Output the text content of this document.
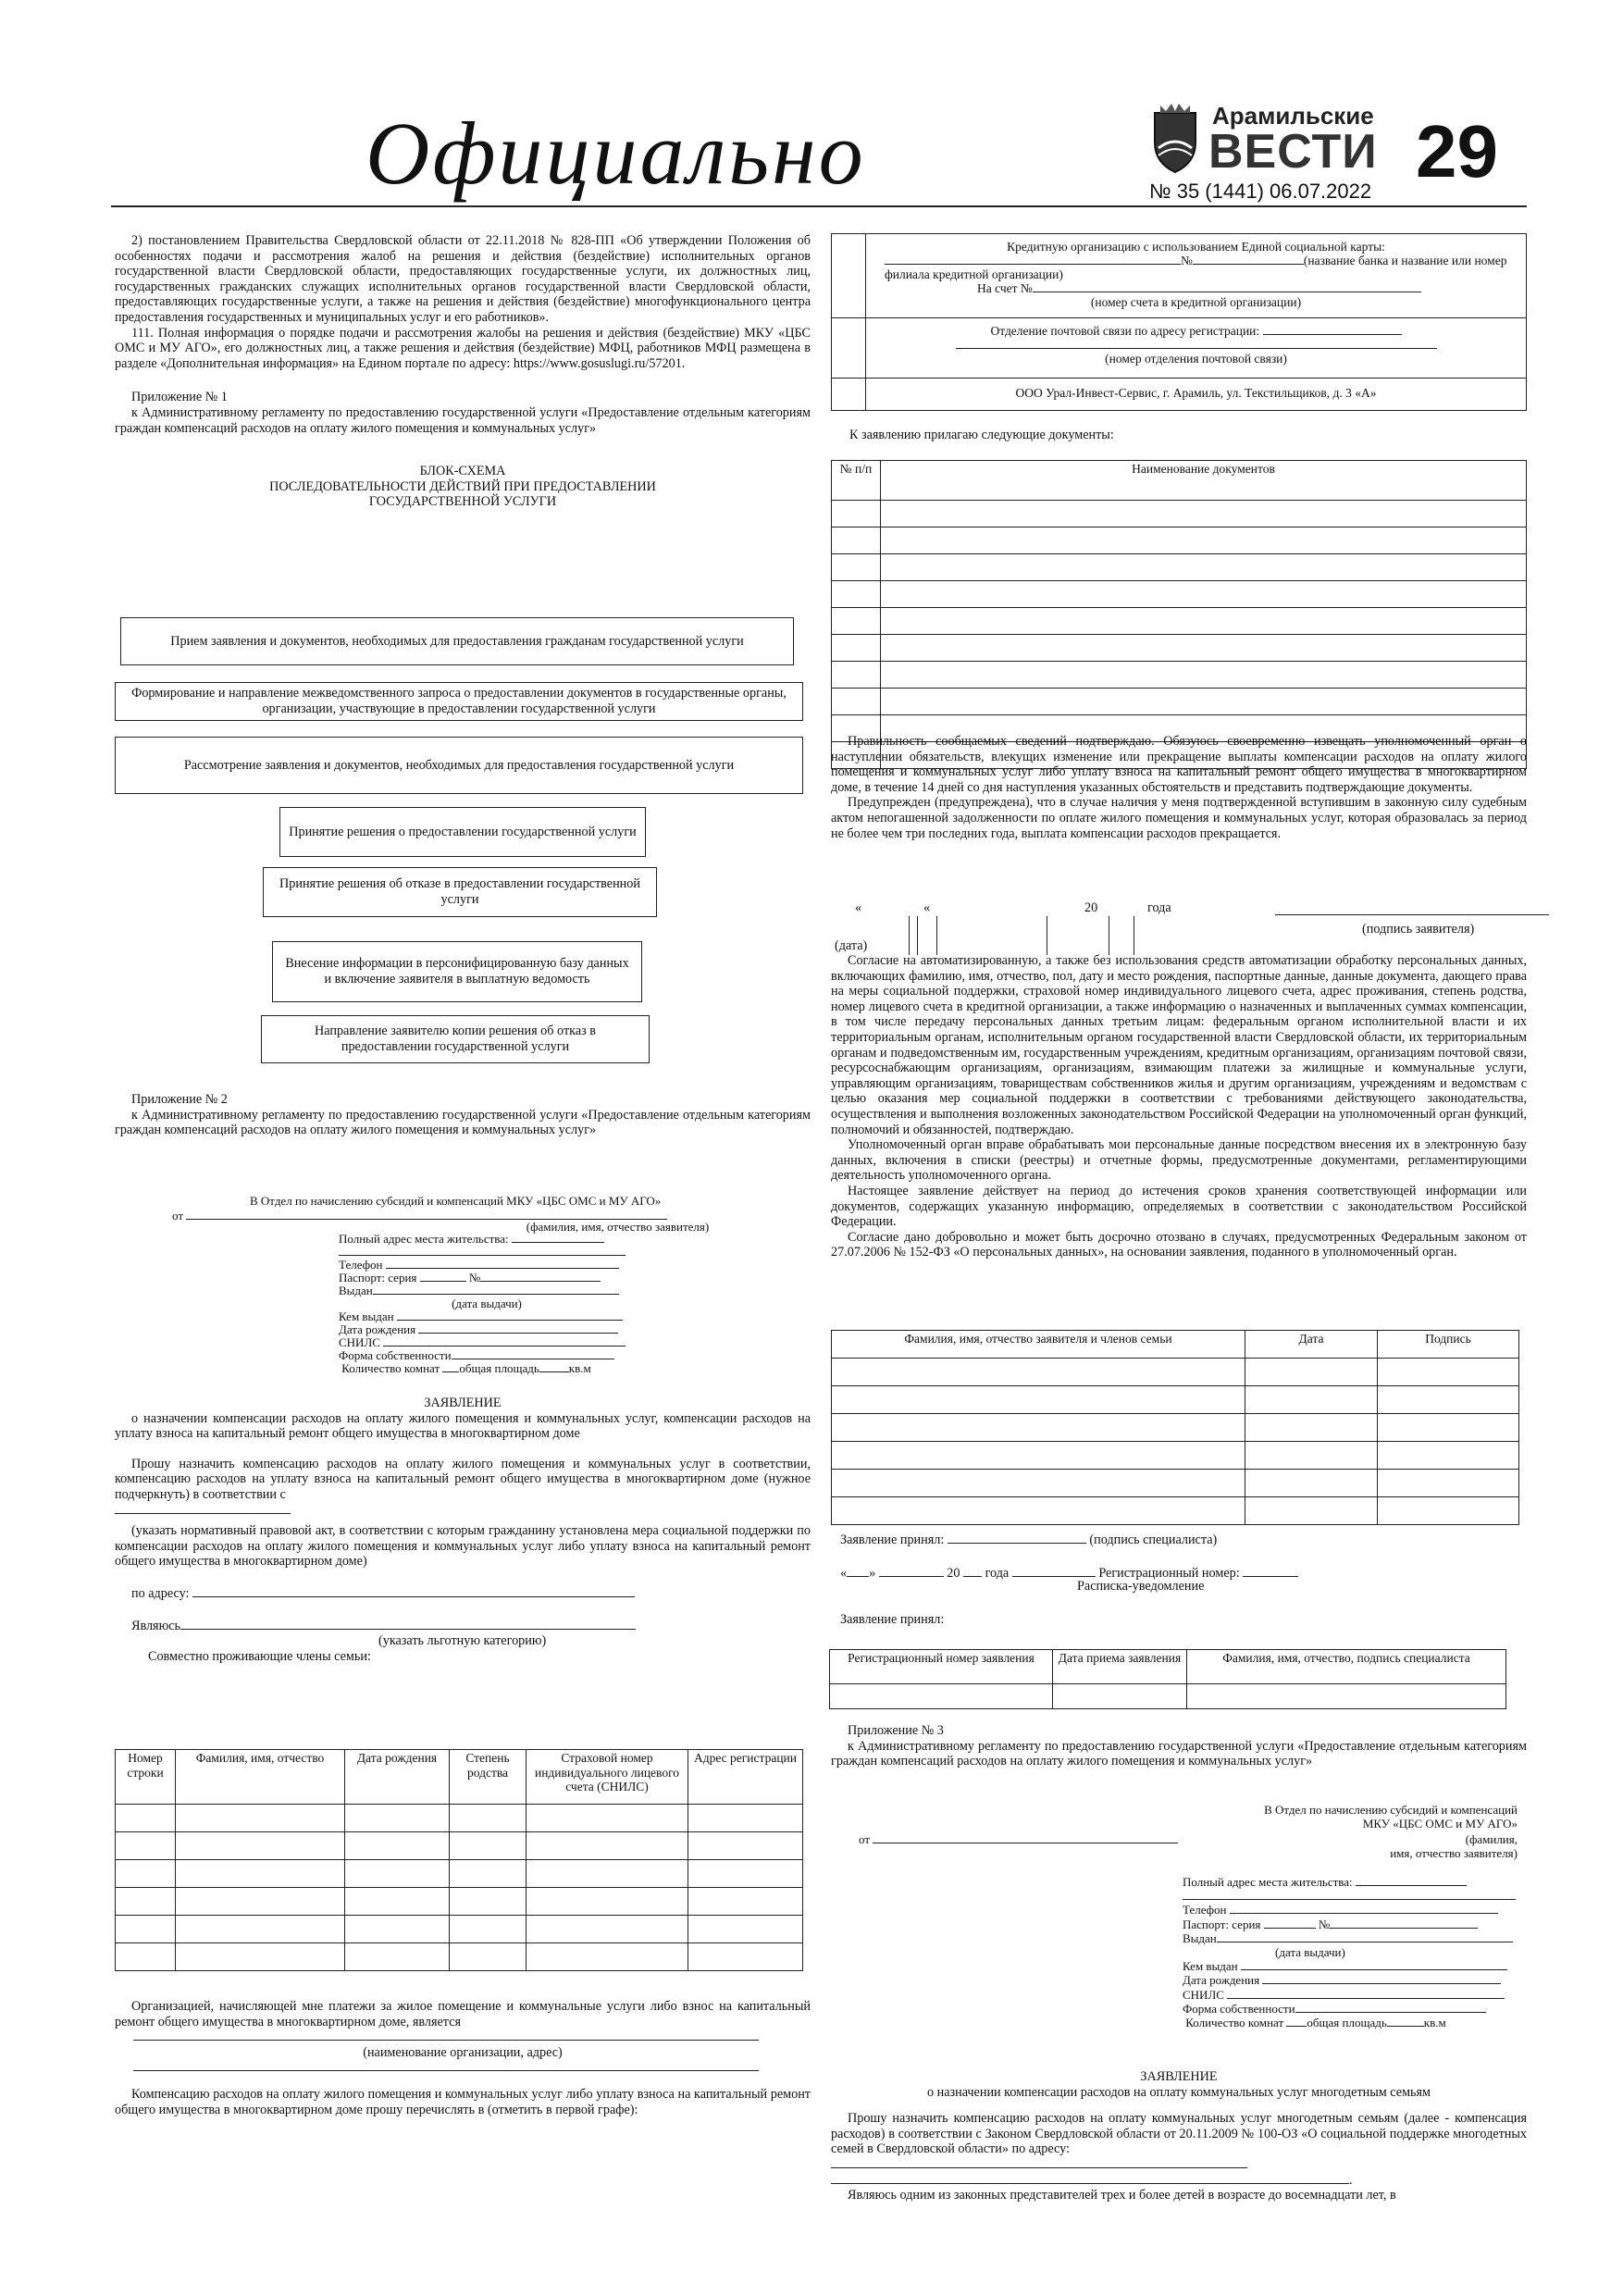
Официально	Арамильские
ВЕСТИ 29
№ 35 (1441) 06.07.2022

2) постановлением Правительства Свердловской области от 22.11.2018 № 828-ПП «Об утверждении Положения об особенностях подачи и рассмотрения жалоб на решения и действия (бездействие) исполнительных органов государственной власти Свердловской области, предоставляющих государственные услуги, их должностных лиц, государственных гражданских служащих исполнительных органов государственной власти Свердловской области, предоставляющих государственные услуги, а также на решения и действия (бездействие) многофункционального центра предоставления государственных и муниципальных услуг и его работников».

111. Полная информация о порядке подачи и рассмотрения жалобы на решения и действия (бездействие) МКУ «ЦБС ОМС и МУ АГО», его должностных лиц, а также решения и действия (бездействие) МФЦ, работников МФЦ размещена в разделе «Дополнительная информация» на Едином портале по адресу: https://www.gosuslugi.ru/57201.

Приложение № 1

к Административному регламенту по предоставлению государственной услуги «Предоставление отдельным категориям граждан компенсаций расходов на оплату жилого помещения и коммунальных услуг»

БЛОК-СХЕМА

ПОСЛЕДОВАТЕЛЬНОСТИ ДЕЙСТВИЙ ПРИ ПРЕДОСТАВЛЕНИИ

ГОСУДАРСТВЕННОЙ УСЛУГИ

Прием заявления и документов, необходимых для предоставления гражданам государственной услуги
Формирование и направление межведомственного запроса о предоставлении документов в государственные органы, организации, участвующие в предоставлении государственной услуги
Рассмотрение заявления и документов, необходимых для предоставления государственной услуги
Принятие решения о предоставлении государственной услуги
Принятие решения об отказе в предоставлении государственной услуги
Внесение информации в персонифицированную базу данных и включение заявителя в выплатную ведомость
Направление заявителю копии решения об отказ в предоставлении государственной услуги

Приложение № 2

к Административному регламенту по предоставлению государственной услуги «Предоставление отдельным категориям граждан компенсаций расходов на оплату жилого помещения и коммунальных услуг»

В Отдел по начислению субсидий и компенсаций МКУ «ЦБС ОМС и МУ АГО»
от
(фамилия, имя, отчество заявителя)
Полный адрес места жительства:
Телефон
Паспорт: серия	№
Выдан
(дата выдачи)
Кем выдан
Дата рождения
СНИЛС
Форма собственности
Количество комнат общая площадь кв.м

ЗАЯВЛЕНИЕ

о назначении компенсации расходов на оплату жилого помещения и коммунальных услуг, компенсации расходов на уплату взноса на капитальный ремонт общего имущества в многоквартирном доме

Прошу назначить компенсацию расходов на оплату жилого помещения и коммунальных услуг в соответствии, компенсацию расходов на уплату взноса на капитальный ремонт общего имущества в многоквартирном доме (нужное подчеркнуть) в соответствии с

(указать нормативный правовой акт, в соответствии с которым гражданину установлена мера социальной поддержки по компенсации расходов на оплату жилого помещения и коммунальных услуг либо уплату взноса на капитальный ремонт общего имущества в многоквартирном доме)

по адресу:
Являюсь
(указать льготную категорию)
Совместно проживающие члены семьи:
Номер строки	Фамилия, имя, отчество	Дата рождения	Степень родства	Страховой номер индивидуального лицевого счета (СНИЛС)	Адрес регистрации

Организацией, начисляющей мне платежи за жилое помещение и коммунальные услуги либо взнос на капитальный ремонт общего имущества в многоквартирном доме, является

(наименование организации, адрес)

Компенсацию расходов на оплату жилого помещения и коммунальных услуг либо уплату взноса на капитальный ремонт общего имущества в многоквартирном доме прошу перечислять в (отметить в первой графе):

	Кредитную организацию с использованием Единой социальной карты:
№ (название банка и название или номер филиала кредитной организации)
На счет №
(номер счета в кредитной организации)

	Отделение почтовой связи по адресу регистрации:
(номер отделения почтовой связи)

	ООО Урал-Инвест-Сервис, г. Арамиль, ул. Текстильщиков, д. 3 «А»
К заявлению прилагаю следующие документы:
№ п/п	Наименование документов

Правильность сообщаемых сведений подтверждаю. Обязуюсь своевременно извещать уполномоченный орган о наступлении обязательств, влекущих изменение или прекращение выплаты компенсации расходов на оплату жилого помещения и коммунальных услуг либо уплату взноса на капитальный ремонт общего имущества в многоквартирном доме, в течение 14 дней со дня наступления указанных обстоятельств и представить подтверждающие документы.

Предупрежден (предупреждена), что в случае наличия у меня подтвержденной вступившим в законную силу судебным актом непогашенной задолженности по оплате жилого помещения и коммунальных услуг, которая образовалась за период не более чем три последних года, выплата компенсации расходов прекращается.

«	«	20	года
(подпись заявителя)
(дата)

Согласие на автоматизированную, а также без использования средств автоматизации обработку персональных данных, включающих фамилию, имя, отчество, пол, дату и место рождения, паспортные данные, данные документа, дающего права на меры социальной поддержки, страховой номер индивидуального лицевого счета, адрес проживания, степень родства, номер лицевого счета в кредитной организации, а также информацию о назначенных и выплаченных суммах компенсации, в том числе передачу персональных данных третьим лицам: федеральным органом исполнительной власти и их территориальным органам, исполнительным органом государственной власти Свердловской области, их территориальным органам и подведомственным им, государственным учреждениям, кредитным организациям, организациям почтовой связи, ресурсоснабжающим организациям, организациям, взимающим платежи за жилищные и коммунальные услуги, управляющим организациям, товариществам собственников жилья и другим организациям, учреждениям и ведомствам с целью оказания мер социальной поддержки в соответствии с требованиями действующего законодательства, осуществления и выполнения возложенных законодательством Российской Федерации на уполномоченный орган функций, полномочий и обязанностей, подтверждаю.

Уполномоченный орган вправе обрабатывать мои персональные данные посредством внесения их в электронную базу данных, включения в списки (реестры) и отчетные формы, предусмотренные документами, регламентирующими деятельность уполномоченного органа.

Настоящее заявление действует на период до истечения сроков хранения соответствующей информации или документов, содержащих указанную информацию, определяемых в соответствии с законодательством Российской Федерации.

Согласие дано добровольно и может быть досрочно отозвано в случаях, предусмотренных Федеральным законом от 27.07.2006 № 152-ФЗ «О персональных данных», на основании заявления, поданного в уполномоченный орган.

Фамилия, имя, отчество заявителя и членов семьи	Дата	Подпись

Заявление принял:	(подпись специалиста)
« »	20 года	Регистрационный номер:
Расписка-уведомление
Заявление принял:
Регистрационный номер заявления	Дата приема заявления	Фамилия, имя, отчество, подпись специалиста

Приложение № 3

к Административному регламенту по предоставлению государственной услуги «Предоставление отдельным категориям граждан компенсаций расходов на оплату жилого помещения и коммунальных услуг»

В Отдел по начислению субсидий и компенсаций
МКУ «ЦБС ОМС и МУ АГО»
от	(фамилия,
имя, отчество заявителя)
Полный адрес места жительства:
Телефон
Паспорт: серия	№
Выдан
(дата выдачи)
Кем выдан
Дата рождения
СНИЛС
Форма собственности
Количество комнат общая площадь	кв.м

ЗАЯВЛЕНИЕ

о назначении компенсации расходов на оплату коммунальных услуг многодетным семьям

Прошу назначить компенсацию расходов на оплату коммунальных услуг многодетным семьям (далее - компенсация расходов) в соответствии с Законом Свердловской области от 20.11.2009 № 100-ОЗ «О социальной поддержке многодетных семей в Свердловской области» по адресу:

.

Являюсь одним из законных представителей трех и более детей в возрасте до восемнадцати лет, в
